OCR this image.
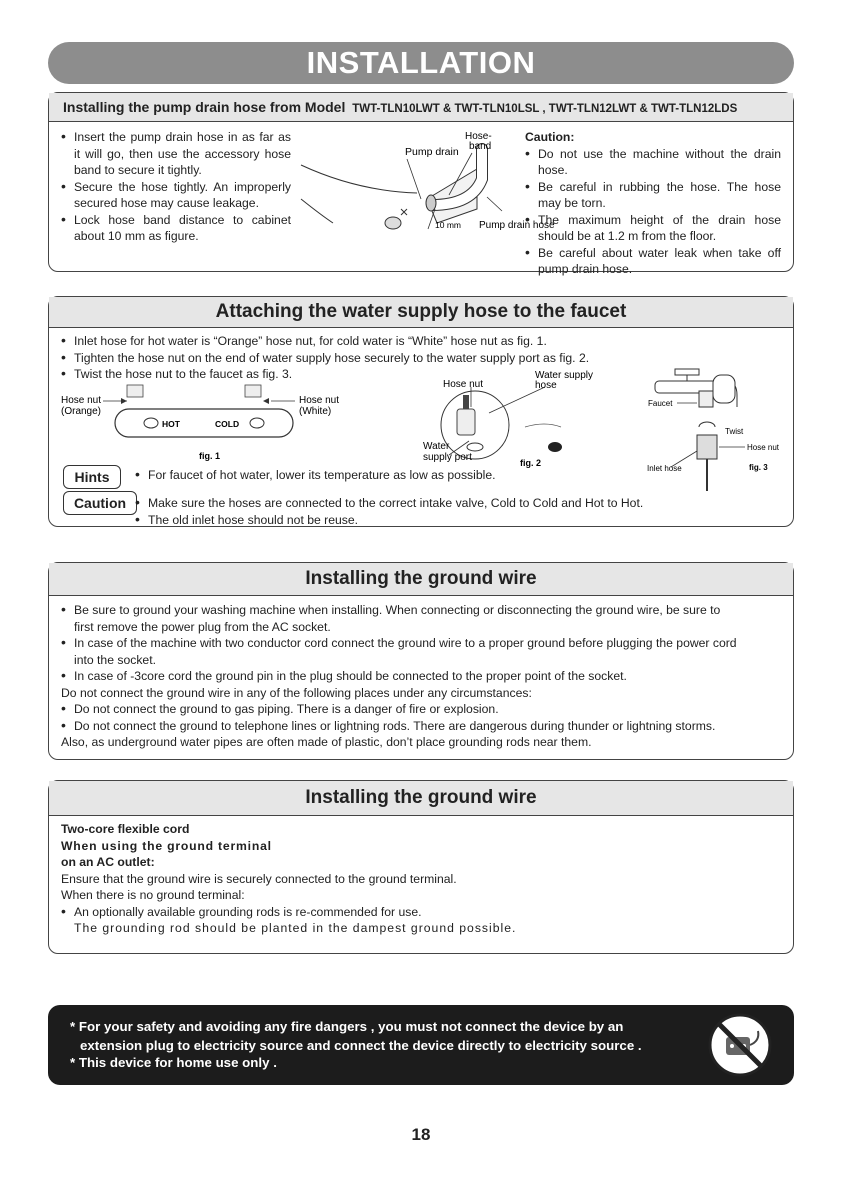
INSTALLATION
Installing the pump drain hose from Model TWT-TLN10LWT & TWT-TLN10LSL , TWT-TLN12LWT & TWT-TLN12LDS
• Insert the pump drain hose in as far as it will go, then use the accessory hose band to secure it tightly.
• Secure the hose tightly. An improperly secured hose may cause leakage.
• Lock hose band distance to cabinet about 10 mm as figure.
Hose-
band
Pump drain
10 mm Pump drain hose
Caution:
• Do not use the machine without the drain hose.
• Be careful in rubbing the hose. The hose may be torn.
• The maximum height of the drain hose should be at 1.2 m from the floor.
• Be careful about water leak when take off pump drain hose.
Attaching the water supply hose to the faucet
• Inlet hose for hot water is “Orange” hose nut, for cold water is “White” hose nut as fig. 1.
• Tighten the hose nut on the end of water supply hose securely to the water supply port as fig. 2.
• Twist the hose nut to the faucet as fig. 3.
Hose nut
(Orange)
Hose nut
(White)
HOT	COLD
fig. 1
Hose nut
Water supply
hose
Water
supply port	fig. 2
Faucet
Twist
Hose nut
Inlet hose	fig. 3
Hints	• For faucet of hot water, lower its temperature as low as possible.
Caution	• Make sure the hoses are connected to the correct intake valve, Cold to Cold and Hot to Hot.
• The old inlet hose should not be reuse.
Installing the ground wire
• Be sure to ground your washing machine when installing. When connecting or disconnecting the ground wire, be sure to
first remove the power plug from the AC socket.
• In case of the machine with two conductor cord connect the ground wire to a proper ground before plugging the power cord
into the socket.
• In case of -3core cord the ground pin in the plug should be connected to the proper point of the socket.
Do not connect the ground wire in any of the following places under any circumstances:
• Do not connect the ground to gas piping. There is a danger of fire or explosion.
• Do not connect the ground to telephone lines or lightning rods. There are dangerous during thunder or lightning storms.
Also, as underground water pipes are often made of plastic, don’t place grounding rods near them.
Installing the ground wire
Two-core flexible cord
When using the ground terminal
on an AC outlet:
Ensure that the ground wire is securely connected to the ground terminal.
When there is no ground terminal:
• An optionally available grounding rods is re-commended for use.
The grounding rod should be planted in the dampest ground possible.
* For your safety and avoiding any fire dangers , you must not connect the device by an
extension plug to electricity source and connect the device directly to electricity source .
* This device for home use only .
18
